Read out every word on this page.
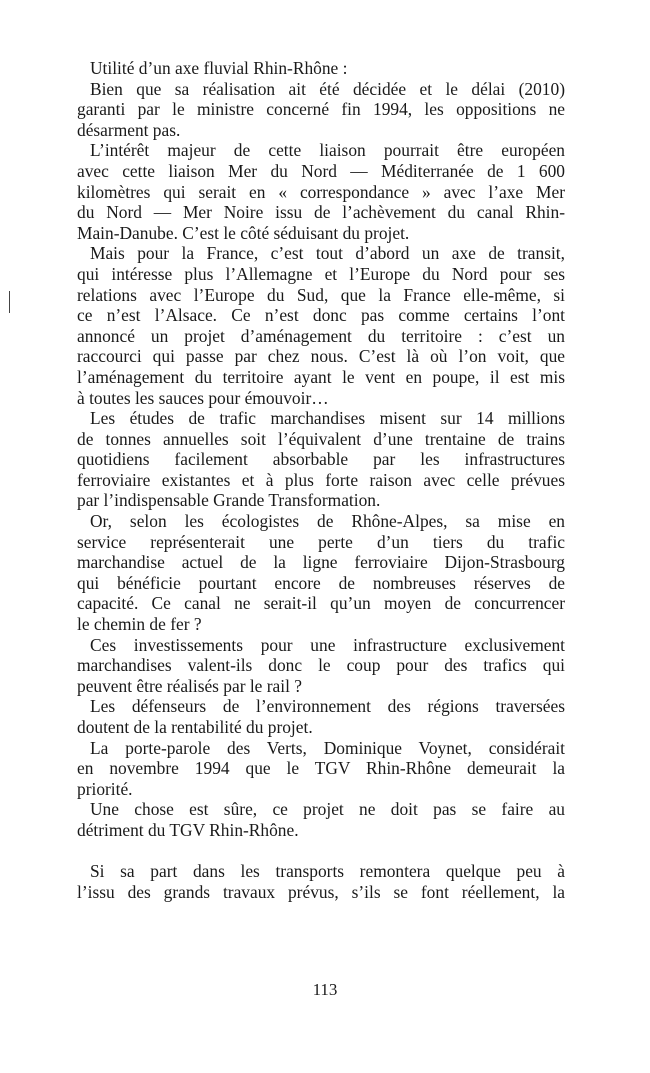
Utilité d’un axe fluvial Rhin-Rhône :
Bien que sa réalisation ait été décidée et le délai (2010)
garanti par le ministre concerné fin 1994, les oppositions ne
désarment pas.
L’intérêt majeur de cette liaison pourrait être européen
avec cette liaison Mer du Nord — Méditerranée de 1 600
kilomètres qui serait en « correspondance » avec l’axe Mer
du Nord — Mer Noire issu de l’achèvement du canal Rhin-
Main-Danube. C’est le côté séduisant du projet.
Mais pour la France, c’est tout d’abord un axe de transit,
qui intéresse plus l’Allemagne et l’Europe du Nord pour ses
relations avec l’Europe du Sud, que la France elle-même, si
ce n’est l’Alsace. Ce n’est donc pas comme certains l’ont
annoncé un projet d’aménagement du territoire : c’est un
raccourci qui passe par chez nous. C’est là où l’on voit, que
l’aménagement du territoire ayant le vent en poupe, il est mis
à toutes les sauces pour émouvoir…
Les études de trafic marchandises misent sur 14 millions
de tonnes annuelles soit l’équivalent d’une trentaine de trains
quotidiens facilement absorbable par les infrastructures
ferroviaire existantes et à plus forte raison avec celle prévues
par l’indispensable Grande Transformation.
Or, selon les écologistes de Rhône-Alpes, sa mise en
service représenterait une perte d’un tiers du trafic
marchandise actuel de la ligne ferroviaire Dijon-Strasbourg
qui bénéficie pourtant encore de nombreuses réserves de
capacité. Ce canal ne serait-il qu’un moyen de concurrencer
le chemin de fer ?
Ces investissements pour une infrastructure exclusivement
marchandises valent-ils donc le coup pour des trafics qui
peuvent être réalisés par le rail ?
Les défenseurs de l’environnement des régions traversées
doutent de la rentabilité du projet.
La porte-parole des Verts, Dominique Voynet, considérait
en novembre 1994 que le TGV Rhin-Rhône demeurait la
priorité.
Une chose est sûre, ce projet ne doit pas se faire au
détriment du TGV Rhin-Rhône.
Si sa part dans les transports remontera quelque peu à
l’issu des grands travaux prévus, s’ils se font réellement, la
113
